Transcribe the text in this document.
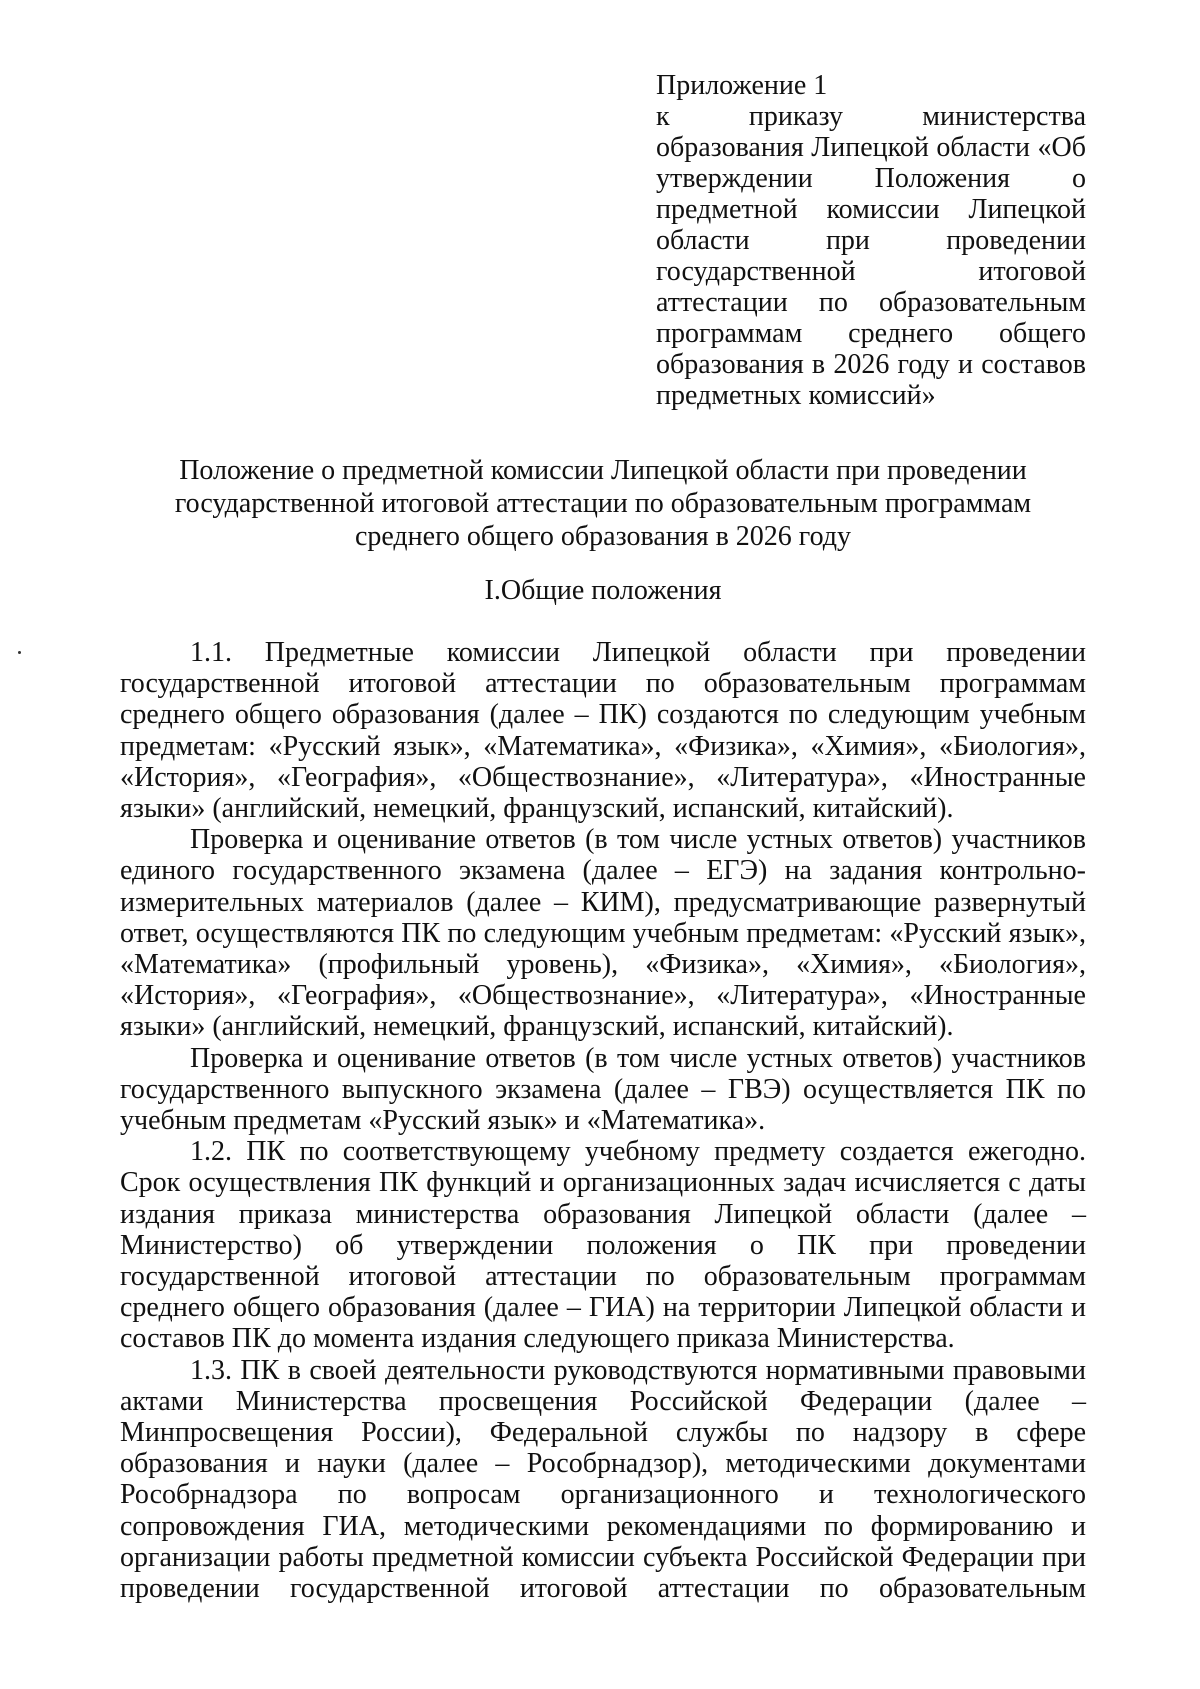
Приложение 1
к приказу министерства образования Липецкой области «Об утверждении Положения о предметной комиссии Липецкой области при проведении государственной итоговой аттестации по образовательным программам среднего общего образования в 2026 году и составов предметных комиссий»
Положение о предметной комиссии Липецкой области при проведении государственной итоговой аттестации по образовательным программам среднего общего образования в 2026 году
I.Общие положения

1.1. Предметные комиссии Липецкой области при проведении государственной итоговой аттестации по образовательным программам среднего общего образования (далее – ПК) создаются по следующим учебным предметам: «Русский язык», «Математика», «Физика», «Химия», «Биология», «История», «География», «Обществознание», «Литература», «Иностранные языки» (английский, немецкий, французский, испанский, китайский).

Проверка и оценивание ответов (в том числе устных ответов) участников единого государственного экзамена (далее – ЕГЭ) на задания контрольно-измерительных материалов (далее – КИМ), предусматривающие развернутый ответ, осуществляются ПК по следующим учебным предметам: «Русский язык», «Математика» (профильный уровень), «Физика», «Химия», «Биология», «История», «География», «Обществознание», «Литература», «Иностранные языки» (английский, немецкий, французский, испанский, китайский).

Проверка и оценивание ответов (в том числе устных ответов) участников государственного выпускного экзамена (далее – ГВЭ) осуществляется ПК по учебным предметам «Русский язык» и «Математика».

1.2. ПК по соответствующему учебному предмету создается ежегодно. Срок осуществления ПК функций и организационных задач исчисляется с даты издания приказа министерства образования Липецкой области (далее – Министерство) об утверждении положения о ПК при проведении государственной итоговой аттестации по образовательным программам среднего общего образования (далее – ГИА) на территории Липецкой области и составов ПК до момента издания следующего приказа Министерства.

1.3. ПК в своей деятельности руководствуются нормативными правовыми актами Министерства просвещения Российской Федерации (далее – Минпросвещения России), Федеральной службы по надзору в сфере образования и науки (далее – Рособрнадзор), методическими документами Рособрнадзора по вопросам организационного и технологического сопровождения ГИА, методическими рекомендациями по формированию и организации работы предметной комиссии субъекта Российской Федерации при проведении государственной итоговой аттестации по образовательным
